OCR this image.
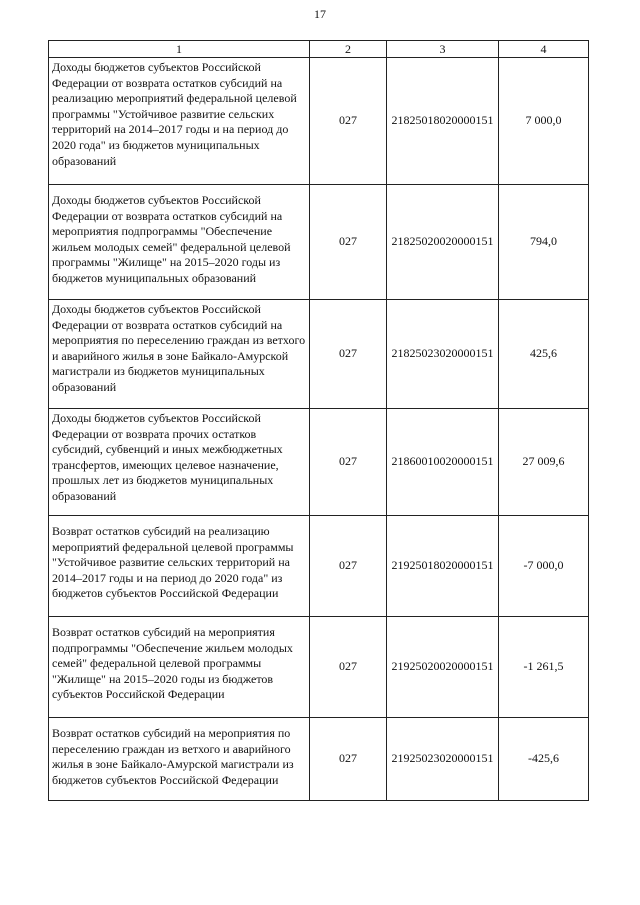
17
1	2	3	4
Доходы бюджетов субъектов Российской Федерации от возврата остатков субсидий на реализацию мероприятий федеральной целевой программы "Устойчивое развитие сельских территорий на 2014–2017 годы и на период до 2020 года" из бюджетов муниципальных образований	027	21825018020000151	7 000,0
Доходы бюджетов субъектов Российской Федерации от возврата остатков субсидий на мероприятия подпрограммы "Обеспечение жильем молодых семей" федеральной целевой программы "Жилище" на 2015–2020 годы из бюджетов муниципальных образований	027	21825020020000151	794,0
Доходы бюджетов субъектов Российской Федерации от возврата остатков субсидий на мероприятия по переселению граждан из ветхого и аварийного жилья в зоне Байкало-Амурской магистрали из бюджетов муниципальных образований	027	21825023020000151	425,6
Доходы бюджетов субъектов Российской Федерации от возврата прочих остатков субсидий, субвенций и иных межбюджетных трансфертов, имеющих целевое назначение, прошлых лет из бюджетов муниципальных образований	027	21860010020000151	27 009,6
Возврат остатков субсидий на реализацию мероприятий федеральной целевой программы "Устойчивое развитие сельских территорий на 2014–2017 годы и на период до 2020 года" из бюджетов субъектов Российской Федерации	027	21925018020000151	-7 000,0
Возврат остатков субсидий на мероприятия подпрограммы "Обеспечение жильем молодых семей" федеральной целевой программы "Жилище" на 2015–2020 годы из бюджетов субъектов Российской Федерации	027	21925020020000151	-1 261,5
Возврат остатков субсидий на мероприятия по переселению граждан из ветхого и аварийного жилья в зоне Байкало-Амурской магистрали из бюджетов субъектов Российской Федерации	027	21925023020000151	-425,6
